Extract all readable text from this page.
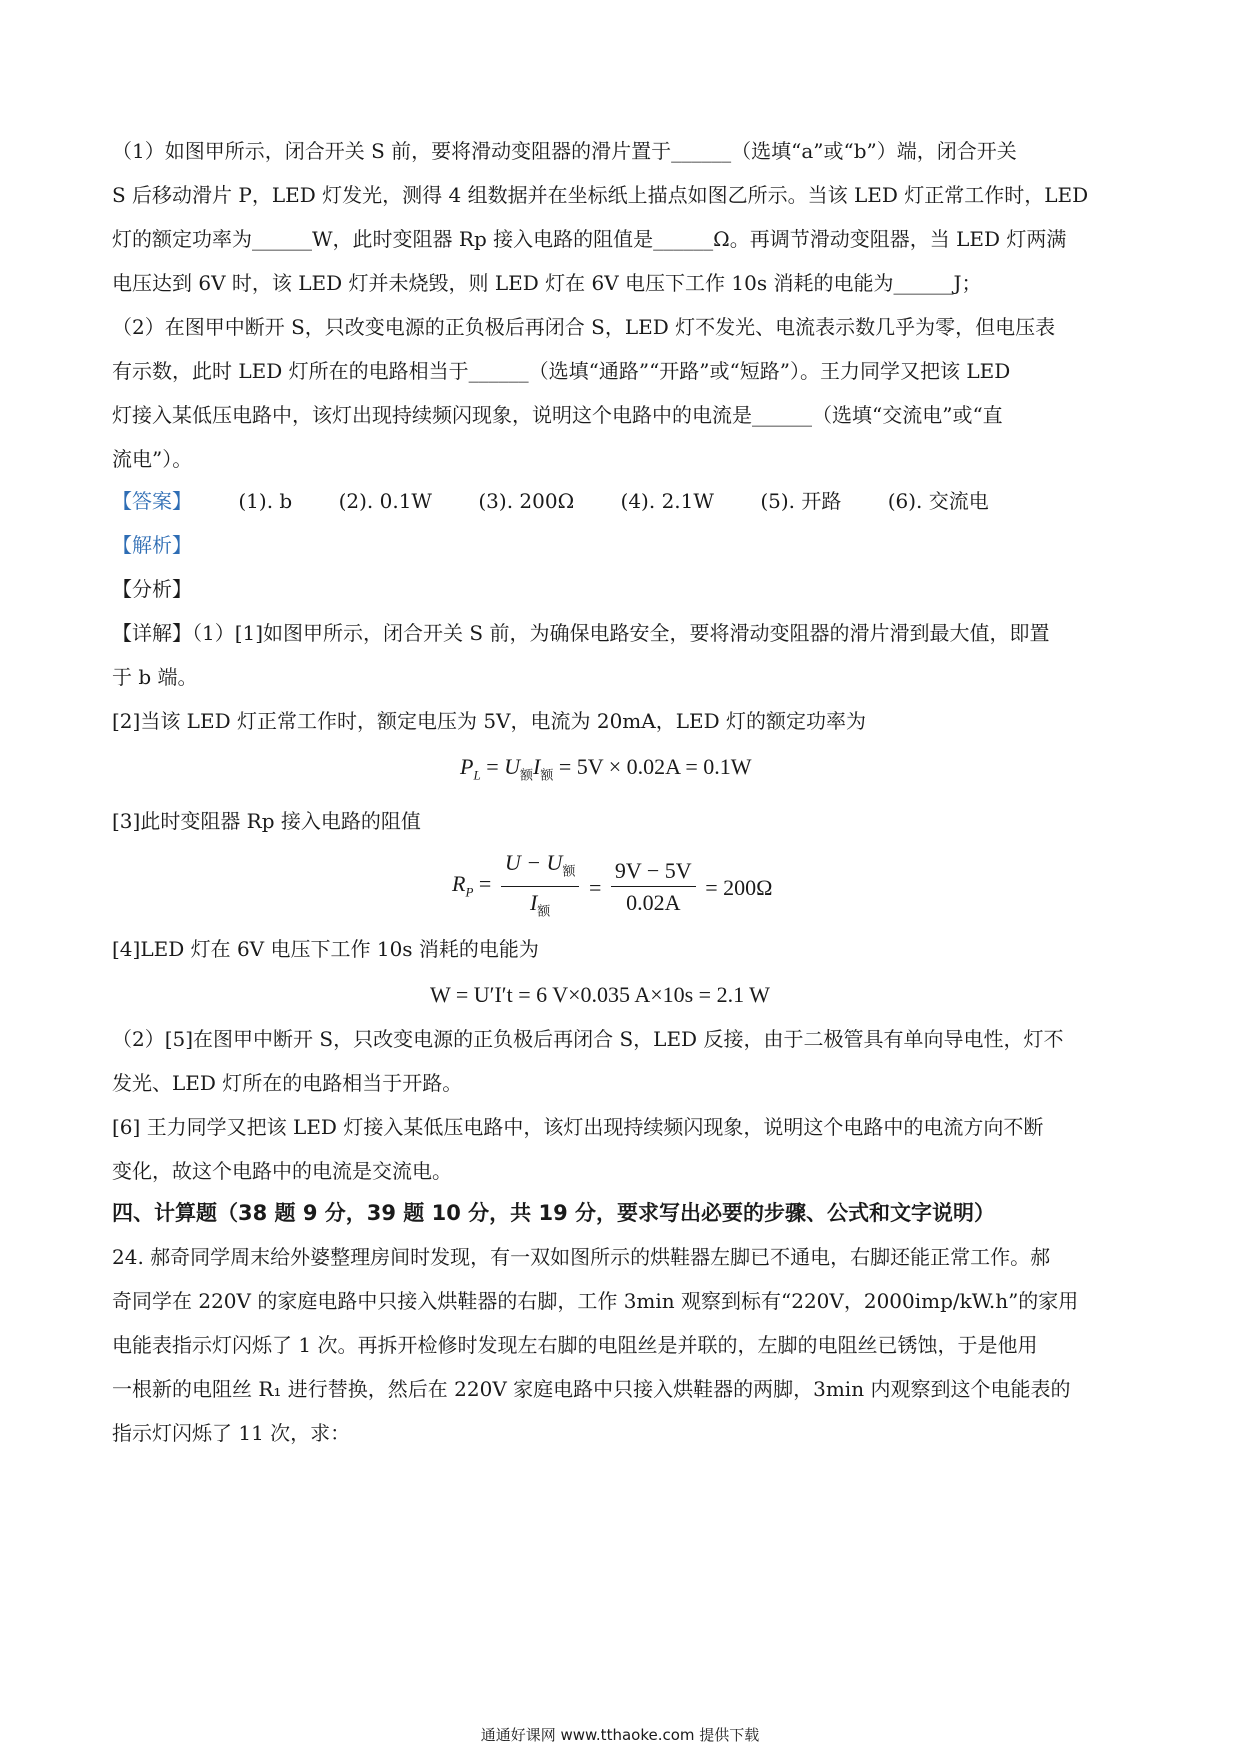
（1）如图甲所示，闭合开关 S 前，要将滑动变阻器的滑片置于______（选填“a”或“b”）端，闭合开关
S 后移动滑片 P，LED 灯发光，测得 4 组数据并在坐标纸上描点如图乙所示。当该 LED 灯正常工作时，LED
灯的额定功率为______W，此时变阻器 Rp 接入电路的阻值是______Ω。再调节滑动变阻器，当 LED 灯两满
电压达到 6V 时，该 LED 灯并未烧毁，则 LED 灯在 6V 电压下工作 10s 消耗的电能为______J；
（2）在图甲中断开 S，只改变电源的正负极后再闭合 S，LED 灯不发光、电流表示数几乎为零，但电压表
有示数，此时 LED 灯所在的电路相当于______（选填“通路”“开路”或“短路”）。王力同学又把该 LED
灯接入某低压电路中，该灯出现持续频闪现象，说明这个电路中的电流是______（选填“交流电”或“直
流电”）。
【答案】 (1). b (2). 0.1W (3). 200Ω (4). 2.1W (5). 开路 (6). 交流电
【解析】
【分析】
【详解】（1）[1]如图甲所示，闭合开关 S 前，为确保电路安全，要将滑动变阻器的滑片滑到最大值，即置
于 b 端。
[2]当该 LED 灯正常工作时，额定电压为 5V，电流为 20mA，LED 灯的额定功率为
$P_L = U_额I_额 = 5V \times 0.02A = 0.1W$
[3]此时变阻器 Rp 接入电路的阻值
$R_P = \frac{U - U_额}{I_额} = \frac{9V - 5V}{0.02A} = 200\Omega$
[4]LED 灯在 6V 电压下工作 10s 消耗的电能为
W = U′I′t = 6 V×0.035 A×10s = 2.1 W
（2）[5]在图甲中断开 S，只改变电源的正负极后再闭合 S，LED 反接，由于二极管具有单向导电性，灯不
发光、LED 灯所在的电路相当于开路。
[6] 王力同学又把该 LED 灯接入某低压电路中，该灯出现持续频闪现象，说明这个电路中的电流方向不断
变化，故这个电路中的电流是交流电。
四、计算题（38 题 9 分，39 题 10 分，共 19 分，要求写出必要的步骤、公式和文字说明）
24. 郝奇同学周末给外婆整理房间时发现，有一双如图所示的烘鞋器左脚已不通电，右脚还能正常工作。郝
奇同学在 220V 的家庭电路中只接入烘鞋器的右脚，工作 3min 观察到标有“220V，2000imp/kW.h”的家用
电能表指示灯闪烁了 1 次。再拆开检修时发现左右脚的电阻丝是并联的，左脚的电阻丝已锈蚀，于是他用
一根新的电阻丝 R₁ 进行替换，然后在 220V 家庭电路中只接入烘鞋器的两脚，3min 内观察到这个电能表的
指示灯闪烁了 11 次，求：
通通好课网 www.tthaoke.com 提供下载
